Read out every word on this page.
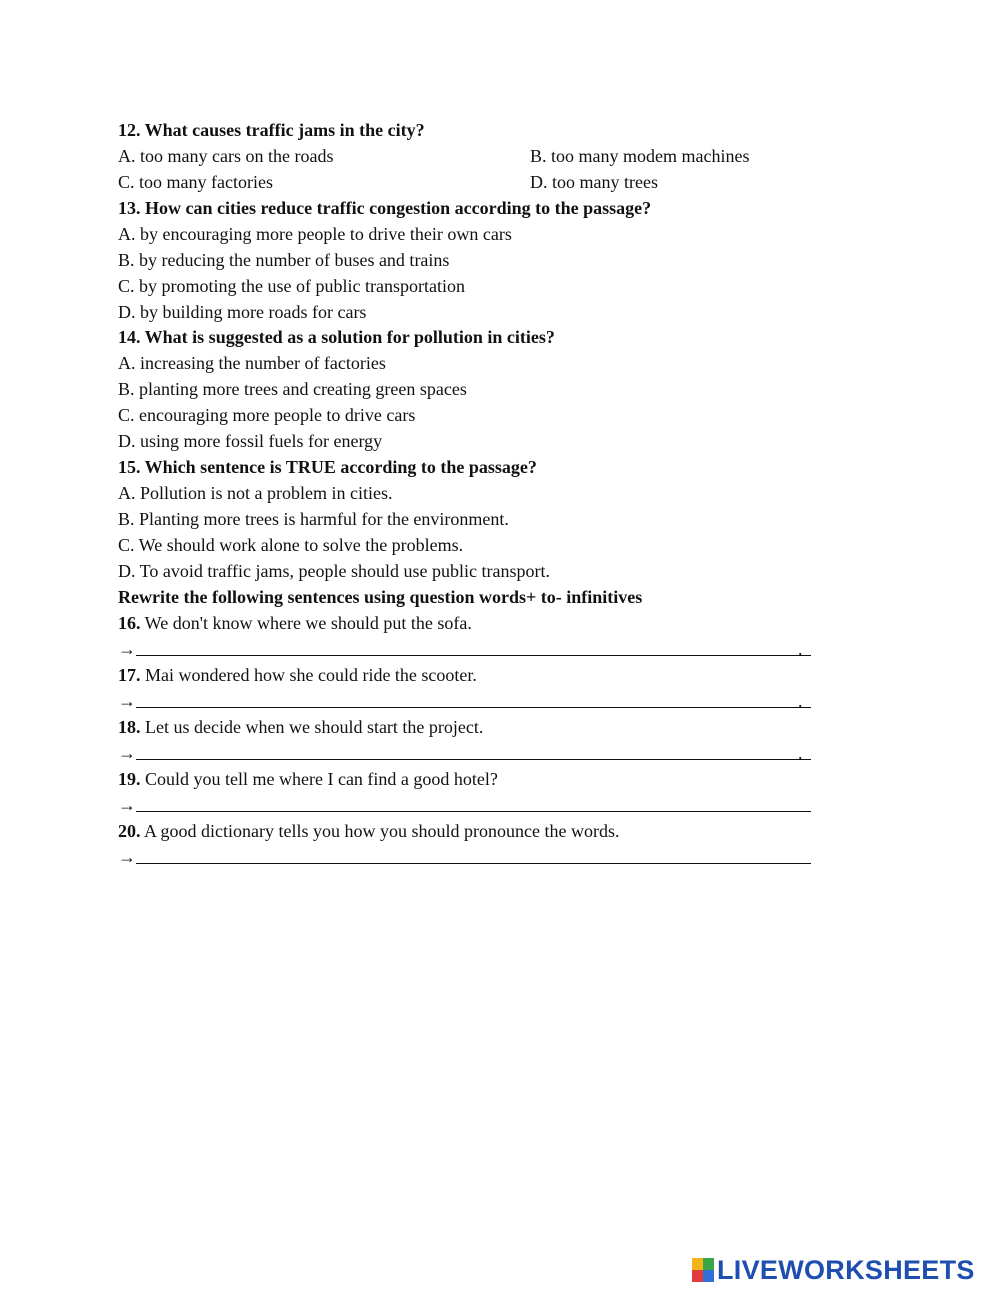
12. What causes traffic jams in the city?
A. too many cars on the roads	B. too many modem machines
C. too many factories	D. too many trees
13. How can cities reduce traffic congestion according to the passage?
A. by encouraging more people to drive their own cars
B. by reducing the number of buses and trains
C. by promoting the use of public transportation
D. by building more roads for cars
14. What is suggested as a solution for pollution in cities?
A. increasing the number of factories
B. planting more trees and creating green spaces
C. encouraging more people to drive cars
D. using more fossil fuels for energy
15. Which sentence is TRUE according to the passage?
A. Pollution is not a problem in cities.
B. Planting more trees is harmful for the environment.
C. We should work alone to solve the problems.
D. To avoid traffic jams, people should use public transport.
Rewrite the following sentences using question words+ to- infinitives
16. We don't know where we should put the sofa.
→	.
17. Mai wondered how she could ride the scooter.
→	.
18. Let us decide when we should start the project.
→	.
19. Could you tell me where I can find a good hotel?
→
20. A good dictionary tells you how you should pronounce the words.
→
LIVEWORKSHEETS
